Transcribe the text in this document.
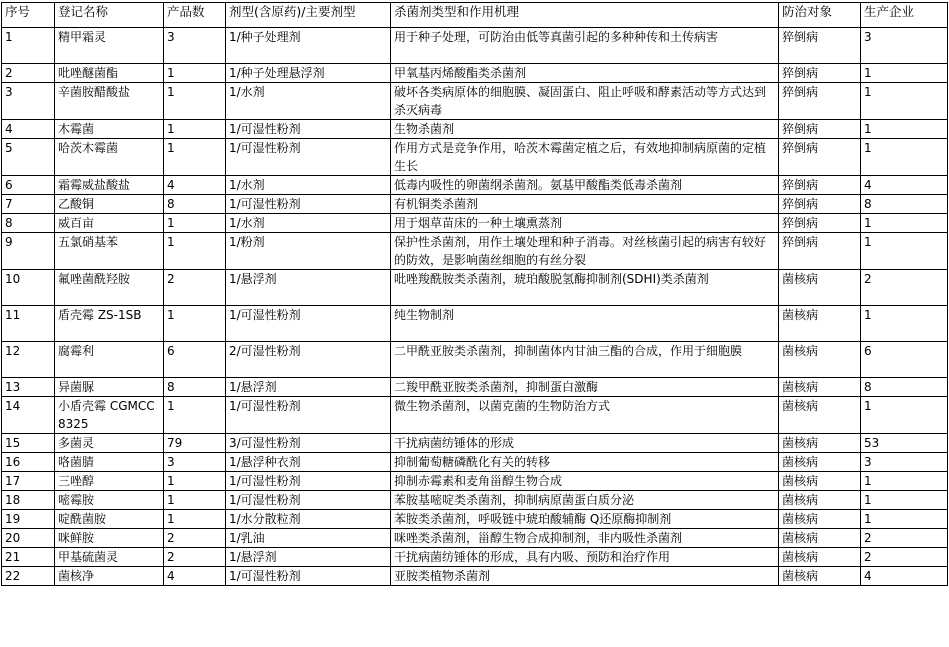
序号	登记名称	产品数	剂型(含原药)/主要剂型	杀菌剂类型和作用机理	防治对象	生产企业
1	精甲霜灵	3	1/种子处理剂	用于种子处理，可防治由低等真菌引起的多种种传和土传病害	猝倒病	3
2	吡唑醚菌酯	1	1/种子处理悬浮剂	甲氧基丙烯酸酯类杀菌剂	猝倒病	1
3	辛菌胺醋酸盐	1	1/水剂	破坏各类病原体的细胞膜、凝固蛋白、阻止呼吸和酵素活动等方式达到杀灭病毒	猝倒病	1
4	木霉菌	1	1/可湿性粉剂	生物杀菌剂	猝倒病	1
5	哈茨木霉菌	1	1/可湿性粉剂	作用方式是竞争作用，哈茨木霉菌定植之后，有效地抑制病原菌的定植生长	猝倒病	1
6	霜霉威盐酸盐	4	1/水剂	低毒内吸性的卵菌纲杀菌剂。氨基甲酸酯类低毒杀菌剂	猝倒病	4
7	乙酸铜	8	1/可湿性粉剂	有机铜类杀菌剂	猝倒病	8
8	威百亩	1	1/水剂	用于烟草苗床的一种土壤熏蒸剂	猝倒病	1
9	五氯硝基苯	1	1/粉剂	保护性杀菌剂，用作土壤处理和种子消毒。对丝核菌引起的病害有较好的防效，是影响菌丝细胞的有丝分裂	猝倒病	1
10	氟唑菌酰羟胺	2	1/悬浮剂	吡唑羧酰胺类杀菌剂，琥珀酸脱氢酶抑制剂(SDHI)类杀菌剂	菌核病	2
11	盾壳霉 ZS-1SB	1	1/可湿性粉剂	纯生物制剂	菌核病	1
12	腐霉利	6	2/可湿性粉剂	二甲酰亚胺类杀菌剂，抑制菌体内甘油三酯的合成，作用于细胞膜	菌核病	6
13	异菌脲	8	1/悬浮剂	二羧甲酰亚胺类杀菌剂，抑制蛋白激酶	菌核病	8
14	小盾壳霉 CGMCC8325	1	1/可湿性粉剂	微生物杀菌剂，以菌克菌的生物防治方式	菌核病	1
15	多菌灵	79	3/可湿性粉剂	干扰病菌纺锤体的形成	菌核病	53
16	咯菌腈	3	1/悬浮种衣剂	抑制葡萄糖磷酰化有关的转移	菌核病	3
17	三唑醇	1	1/可湿性粉剂	抑制赤霉素和麦角甾醇生物合成	菌核病	1
18	嘧霉胺	1	1/可湿性粉剂	苯胺基嘧啶类杀菌剂，抑制病原菌蛋白质分泌	菌核病	1
19	啶酰菌胺	1	1/水分散粒剂	苯胺类杀菌剂，呼吸链中琥珀酸辅酶 Q还原酶抑制剂	菌核病	1
20	咪鲜胺	2	1/乳油	咪唑类杀菌剂，甾醇生物合成抑制剂，非内吸性杀菌剂	菌核病	2
21	甲基硫菌灵	2	1/悬浮剂	干扰病菌纺锤体的形成，具有内吸、预防和治疗作用	菌核病	2
22	菌核净	4	1/可湿性粉剂	亚胺类植物杀菌剂	菌核病	4
